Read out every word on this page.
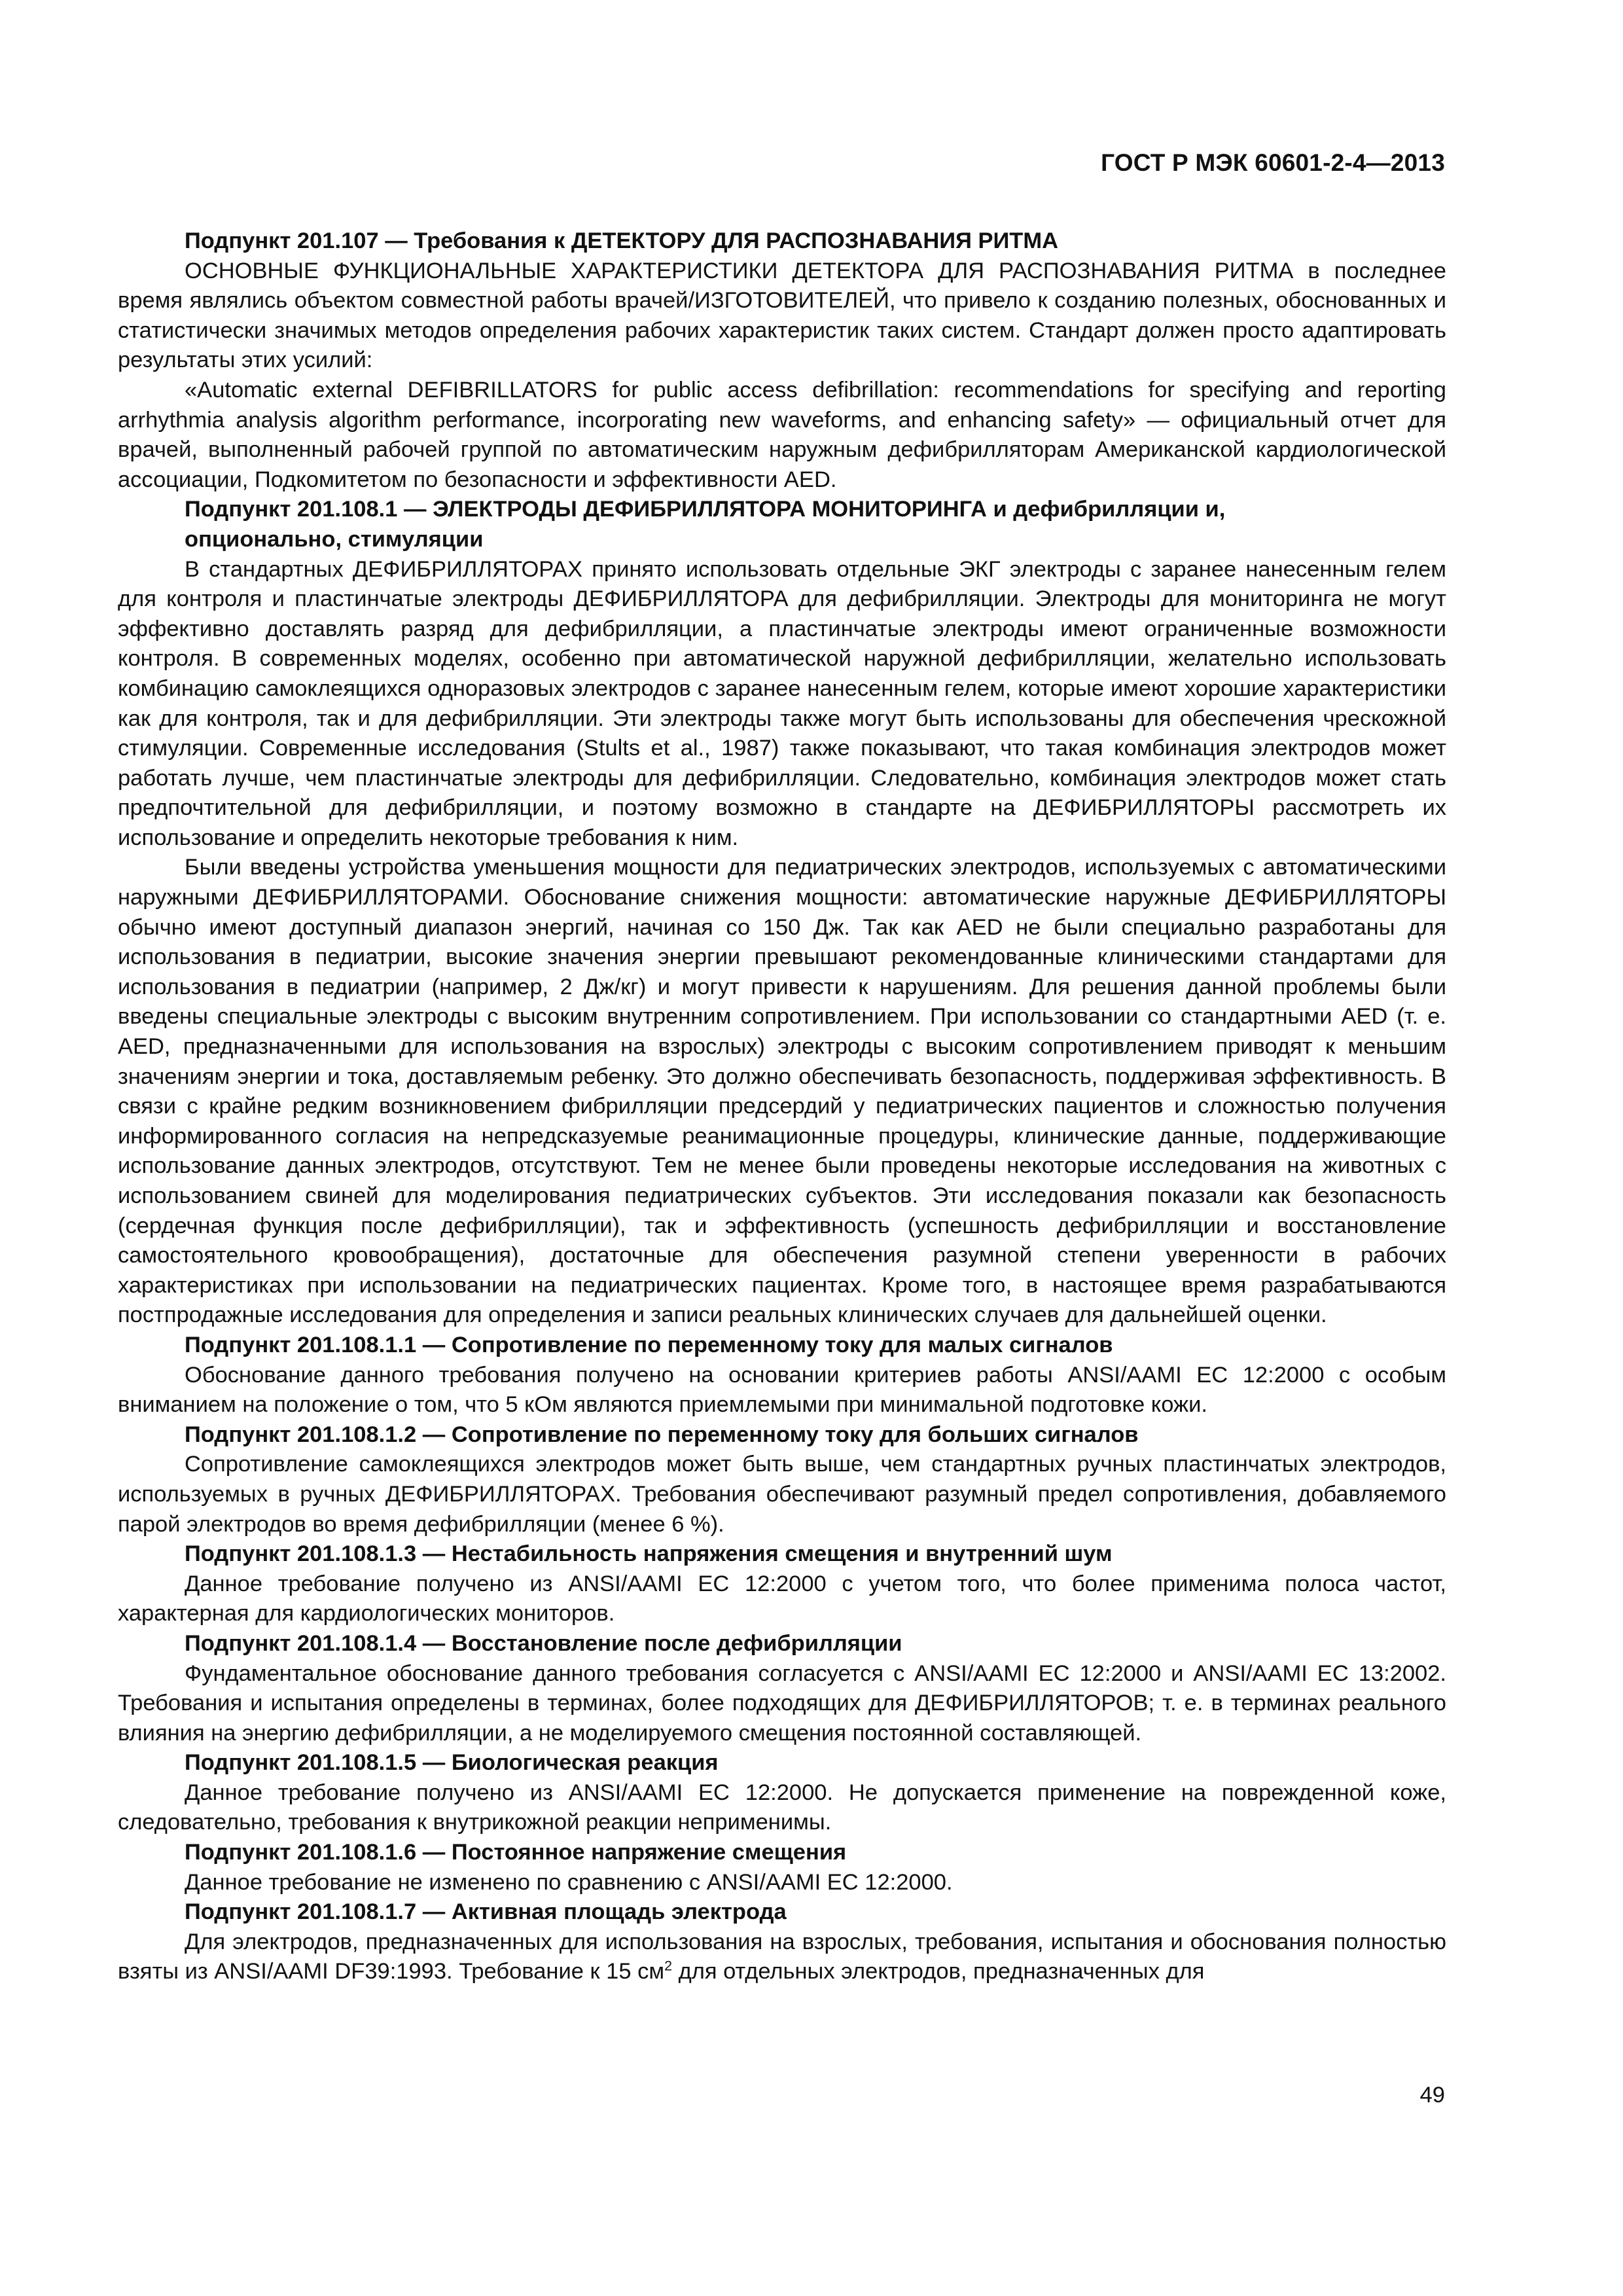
ГОСТ Р МЭК 60601-2-4—2013
Подпункт 201.107 — Требования к ДЕТЕКТОРУ ДЛЯ РАСПОЗНАВАНИЯ РИТМА

ОСНОВНЫЕ ФУНКЦИОНАЛЬНЫЕ ХАРАКТЕРИСТИКИ ДЕТЕКТОРА ДЛЯ РАСПОЗНАВАНИЯ РИТМА в последнее время являлись объектом совместной работы врачей/ИЗГОТОВИТЕЛЕЙ, что привело к созданию полезных, обоснованных и статистически значимых методов определения рабочих характеристик таких систем. Стандарт должен просто адаптировать результаты этих усилий:

«Automatic external DEFIBRILLATORS for public access defibrillation: recommendations for specifying and reporting arrhythmia analysis algorithm performance, incorporating new waveforms, and enhancing safety» — официальный отчет для врачей, выполненный рабочей группой по автоматическим наружным дефибрилляторам Американской кардиологической ассоциации, Подкомитетом по безопасности и эффективности AED.

Подпункт 201.108.1 — ЭЛЕКТРОДЫ ДЕФИБРИЛЛЯТОРА МОНИТОРИНГА и дефибрилляции и,
опционально, стимуляции

В стандартных ДЕФИБРИЛЛЯТОРАХ принято использовать отдельные ЭКГ электроды с заранее нанесенным гелем для контроля и пластинчатые электроды ДЕФИБРИЛЛЯТОРА для дефибрилляции. Электроды для мониторинга не могут эффективно доставлять разряд для дефибрилляции, а пластинчатые электроды имеют ограниченные возможности контроля. В современных моделях, особенно при автоматической наружной дефибрилляции, желательно использовать комбинацию самоклеящихся одноразовых электродов с заранее нанесенным гелем, которые имеют хорошие характеристики как для контроля, так и для дефибрилляции. Эти электроды также могут быть использованы для обеспечения чрескожной стимуляции. Современные исследования (Stults et al., 1987) также показывают, что такая комбинация электродов может работать лучше, чем пластинчатые электроды для дефибрилляции. Следовательно, комбинация электродов может стать предпочтительной для дефибрилляции, и поэтому возможно в стандарте на ДЕФИБРИЛЛЯТОРЫ рассмотреть их использование и определить некоторые требования к ним.

Были введены устройства уменьшения мощности для педиатрических электродов, используемых с автоматическими наружными ДЕФИБРИЛЛЯТОРАМИ. Обоснование снижения мощности: автоматические наружные ДЕФИБРИЛЛЯТОРЫ обычно имеют доступный диапазон энергий, начиная со 150 Дж. Так как AED не были специально разработаны для использования в педиатрии, высокие значения энергии превышают рекомендованные клиническими стандартами для использования в педиатрии (например, 2 Дж/кг) и могут привести к нарушениям. Для решения данной проблемы были введены специальные электроды с высоким внутренним сопротивлением. При использовании со стандартными AED (т. е. AED, предназначенными для использования на взрослых) электроды с высоким сопротивлением приводят к меньшим значениям энергии и тока, доставляемым ребенку. Это должно обеспечивать безопасность, поддерживая эффективность. В связи с крайне редким возникновением фибрилляции предсердий у педиатрических пациентов и сложностью получения информированного согласия на непредсказуемые реанимационные процедуры, клинические данные, поддерживающие использование данных электродов, отсутствуют. Тем не менее были проведены некоторые исследования на животных с использованием свиней для моделирования педиатрических субъектов. Эти исследования показали как безопасность (сердечная функция после дефибрилляции), так и эффективность (успешность дефибрилляции и восстановление самостоятельного кровообращения), достаточные для обеспечения разумной степени уверенности в рабочих характеристиках при использовании на педиатрических пациентах. Кроме того, в настоящее время разрабатываются постпродажные исследования для определения и записи реальных клинических случаев для дальнейшей оценки.

Подпункт 201.108.1.1 — Сопротивление по переменному току для малых сигналов

Обоснование данного требования получено на основании критериев работы ANSI/AAMI EC 12:2000 с особым вниманием на положение о том, что 5 кОм являются приемлемыми при минимальной подготовке кожи.

Подпункт 201.108.1.2 — Сопротивление по переменному току для больших сигналов

Сопротивление самоклеящихся электродов может быть выше, чем стандартных ручных пластинчатых электродов, используемых в ручных ДЕФИБРИЛЛЯТОРАХ. Требования обеспечивают разумный предел сопротивления, добавляемого парой электродов во время дефибрилляции (менее 6 %).

Подпункт 201.108.1.3 — Нестабильность напряжения смещения и внутренний шум

Данное требование получено из ANSI/AAMI EC 12:2000 с учетом того, что более применима полоса частот, характерная для кардиологических мониторов.

Подпункт 201.108.1.4 — Восстановление после дефибрилляции

Фундаментальное обоснование данного требования согласуется с ANSI/AAMI EC 12:2000 и ANSI/AAMI EC 13:2002. Требования и испытания определены в терминах, более подходящих для ДЕФИБРИЛЛЯТОРОВ; т. е. в терминах реального влияния на энергию дефибрилляции, а не моделируемого смещения постоянной составляющей.

Подпункт 201.108.1.5 — Биологическая реакция

Данное требование получено из ANSI/AAMI EC 12:2000. Не допускается применение на поврежденной коже, следовательно, требования к внутрикожной реакции неприменимы.

Подпункт 201.108.1.6 — Постоянное напряжение смещения

Данное требование не изменено по сравнению с ANSI/AAMI EC 12:2000.

Подпункт 201.108.1.7 — Активная площадь электрода

Для электродов, предназначенных для использования на взрослых, требования, испытания и обоснования полностью взяты из ANSI/AAMI DF39:1993. Требование к 15 $см^2$ для отдельных электродов, предназначенных для

49
